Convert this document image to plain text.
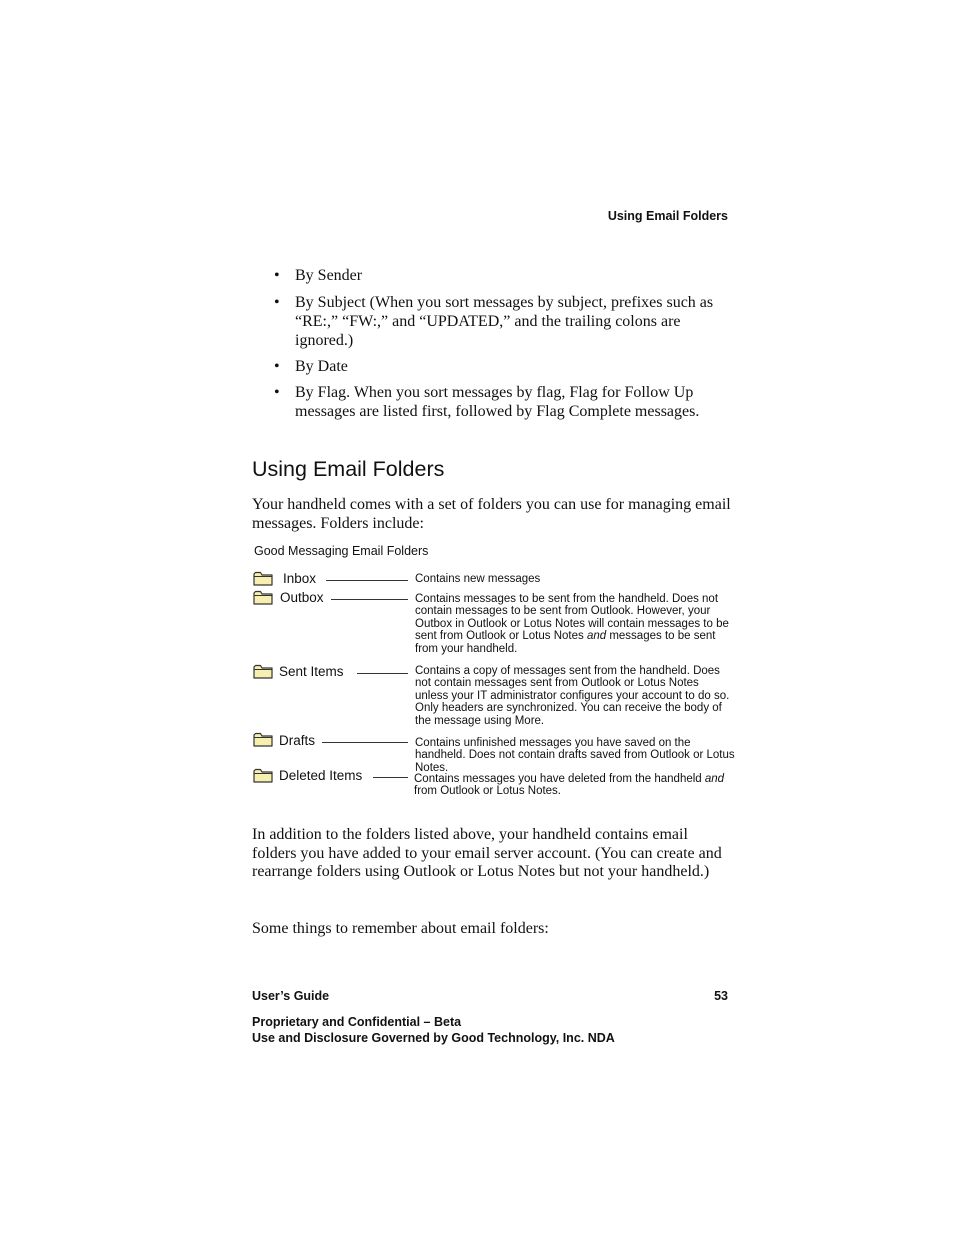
Using Email Folders
• By Sender
• By Subject (When you sort messages by subject, prefixes such as “RE:,” “FW:,” and “UPDATED,” and the trailing colons are ignored.)
• By Date
• By Flag. When you sort messages by flag, Flag for Follow Up messages are listed first, followed by Flag Complete messages.
Using Email Folders

Your handheld comes with a set of folders you can use for managing email messages. Folders include:

Good Messaging Email Folders
Inbox	Contains new messages
Outbox	Contains messages to be sent from the handheld. Does not contain messages to be sent from Outlook. However, your Outbox in Outlook or Lotus Notes will contain messages to be sent from Outlook or Lotus Notes and messages to be sent from your handheld.
Sent Items	Contains a copy of messages sent from the handheld. Does not contain messages sent from Outlook or Lotus Notes unless your IT administrator configures your account to do so. Only headers are synchronized. You can receive the body of the message using More.
Drafts	Contains unfinished messages you have saved on the handheld. Does not contain drafts saved from Outlook or Lotus Notes.
Deleted Items	Contains messages you have deleted from the handheld and from Outlook or Lotus Notes.

In addition to the folders listed above, your handheld contains email folders you have added to your email server account. (You can create and rearrange folders using Outlook or Lotus Notes but not your handheld.)

Some things to remember about email folders:

User’s Guide	53
Proprietary and Confidential – Beta
Use and Disclosure Governed by Good Technology, Inc. NDA
